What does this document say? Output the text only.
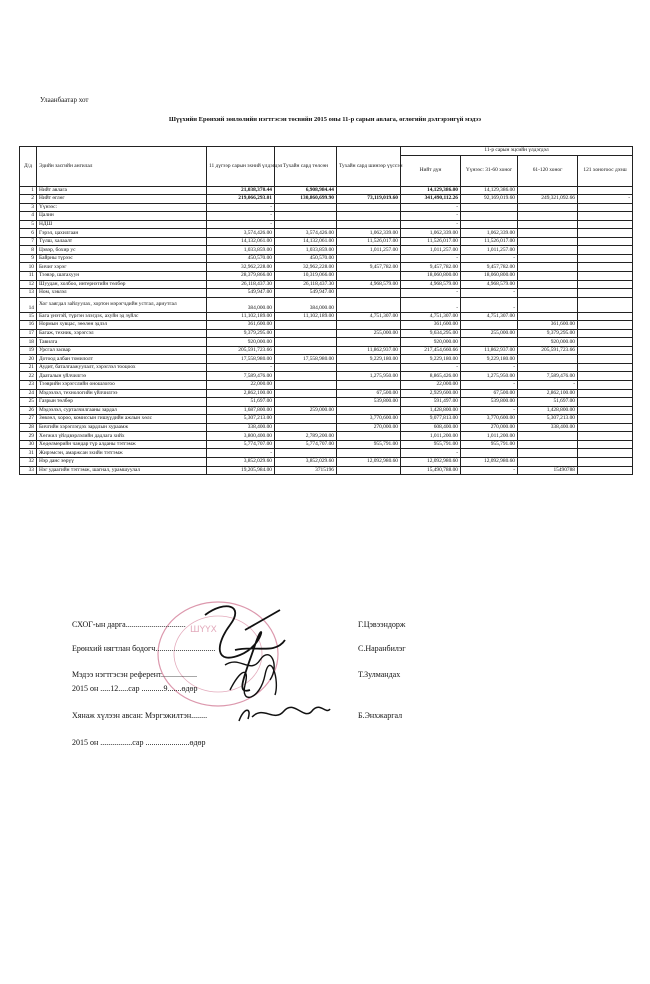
Улаанбаатар хот
Шүүхийн Ерөнхий зөвлөлийн нэгтгэсэн төсвийн 2015 оны 11-р сарын авлага, өглөгийн дэлгэрэнгүй мэдээ
Д/д	Эдийн засгийн ангилал	11 дүгээр сарын эхний үлдэгдэл	Тухайн сард төлсөн	Тухайн сард шинээр үүссэн	11-р сарын эцсийн үлдэгдэл			
					Нийт дүн	Үүнээс: 31-60 хоног	61-120 хоног	121 хоногоос дээш
1	Нийт авлага	21,038,370.44	6,908,984.44		14,129,386.00	14,129,386.00		
2	Нийт өглөг	219,066,293.01	130,860,699.90	73,119,019.60	341,490,112.26	92,169,019.60	249,321,092.66	-
3	Үүнээс:	-			-			
4	Цалин	-			-			
5	НДШ	-			-			
6	Гэрэл, цахилгаан	3,574,426.00	3,574,426.00	1,062,339.00	1,062,339.00	1,062,339.00		
7	Түлш, халаалт	14,132,061.00	14,132,061.00	11,526,017.00	11,526,017.00	11,526,017.00		
8	Цэвэр, бохир ус	1,033,859.00	1,033,859.00	1,011,257.00	1,011,257.00	1,011,257.00		
9	Байрны түрээс	450,570.00	450,570.00		-	-		
10	Бичиг хэрэг	32,962,228.00	32,962,228.00	9,457,782.00	9,457,782.00	9,457,782.00		
11	Тээвэр, шатахуун	28,379,866.00	10,319,066.00		18,060,800.00	18,060,800.00		
12	Шуудан, холбоо, интернэтийн төлбөр	26,118,437.30	26,118,437.30	4,968,579.00	4,968,579.00	4,968,579.00		
13	Ном, хэвлэл	549,947.00	549,947.00		-	-		
14	Хог хаягдал зайлуулах, хортон мэрэгчдийн устгал, ариутгал	384,000.00	384,000.00		-	-		
15	Бага үнэтэй, түргэн элэгдэх, ахуйн эд зүйлс	11,102,189.00	11,102,189.00	4,751,307.00	4,751,307.00	4,751,307.00		
16	Нормын хувцас, зөөлөн эдлэл	361,600.00			361,600.00		361,600.00	
17	Багаж, техник, хэрэгсэл	9,379,295.00		255,000.00	9,634,295.00	255,000.00	9,379,295.00	
18	Тавилга	920,000.00			920,000.00		920,000.00	
19	Урсгал засвар	205,591,723.66		11,862,937.00	217,454,660.66	11,862,937.00	205,591,723.66	
20	Дотоод албан томилолт	17,558,980.00	17,558,980.00	9,229,180.00	9,229,180.00	9,229,180.00		
21	Аудит, баталгаажуулалт, хэрэглэл тооцоох	-			-	-		
22	Дааталын үйлчилгээ	7,589,476.00		1,275,950.00	8,865,426.00	1,275,950.00	7,589,476.00	
23	Тээврийн хэрэгслийн оношлогоо	22,000.00			22,000.00	-	-	
24	Мэдээлэл, технологийн үйлчилгээ	2,862,100.00		67,500.00	2,929,600.00	67,500.00	2,862,100.00	
25	Газрын төлбөр	51,697.00		539,800.00	591,497.00	539,800.00	51,697.00	
26	Мэдээлэл, сурталчилгааны зардал	1,687,800.00	259,000.00		1,428,800.00	-	1,428,800.00	
27	Зөвлөл, хороо, комиссын гишүүдийн ажлын хөлс	5,307,213.00		3,770,600.00	9,077,813.00	3,770,600.00	5,307,213.00	
28	Бичгийн хэрэглэгдэх зардлын хураамж	338,400.00		270,000.00	608,400.00	270,000.00	338,400.00	
29	Хөгжил үйлдвэрлэлийн дадлага хийх	3,800,400.00	2,789,200.00		1,011,200.00	1,011,200.00		
30	Хөдөлмөрийн чандар түр алданы тэтгэмж	5,774,707.00	5,774,707.00	955,791.00	955,791.00	955,791.00		
31	Жирэмсэн, амаржсан эхийн тэтгэмж	-			-			
32	Нэр данс зөрүү	3,852,029.60	3,852,029.60	12,092,980.60	12,092,980.60	12,092,980.60		
33	Нэг удаагийн тэтгэмж, шагнал, урамшуулал	19,205,984.00	3715196		15,490,788.00	-	15490788	
ШҮҮХ
СХОГ-ын дарга..............................	Г.Цэвээндорж
Ерөнхий нягтлан бодогч..............................	С.Наранбилэг
Мэдээ нэгтгэсэн референт..................	Т.Зулмандах
2015 он .....12.....сар ...........9.......өдөр
Хянаж хүлээн авсан: Мэргэжилтэн........	Б.Энхжаргал
2015 он ................сар ......................өдөр
